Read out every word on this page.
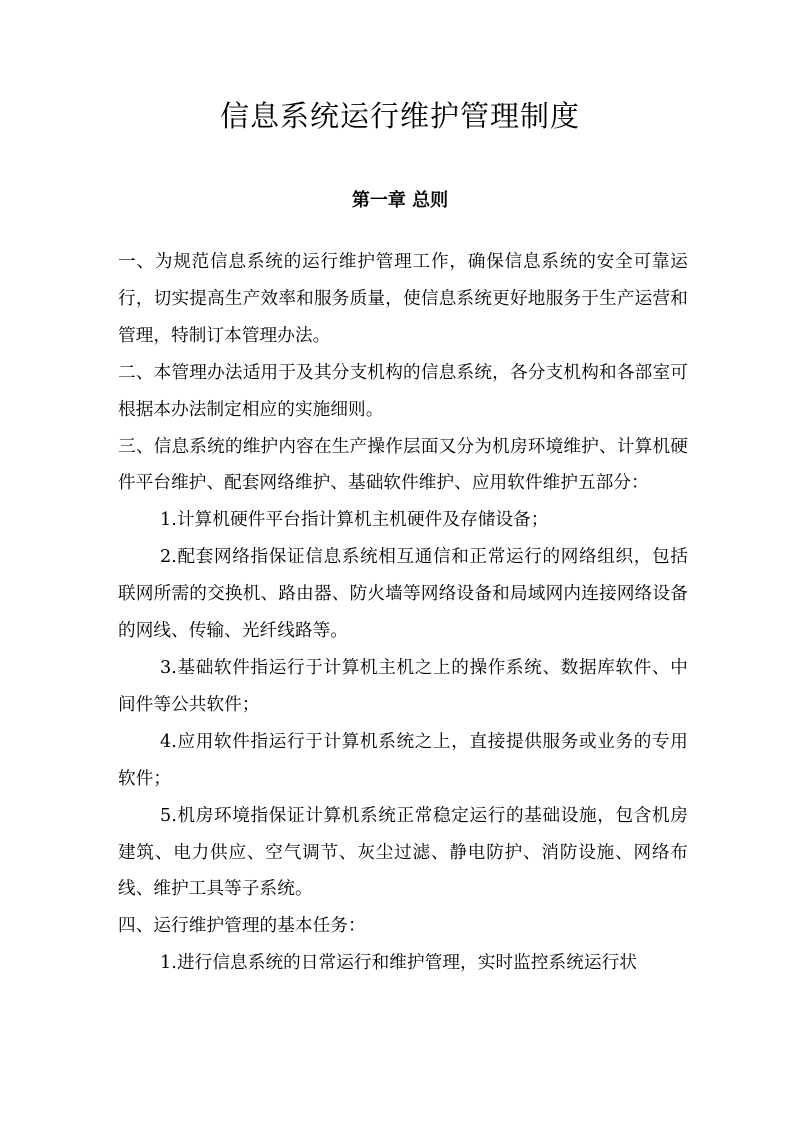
信息系统运行维护管理制度
第一章 总则

一、为规范信息系统的运行维护管理工作，确保信息系统的安全可靠运行，切实提高生产效率和服务质量，使信息系统更好地服务于生产运营和管理，特制订本管理办法。

二、本管理办法适用于及其分支机构的信息系统，各分支机构和各部室可根据本办法制定相应的实施细则。

三、信息系统的维护内容在生产操作层面又分为机房环境维护、计算机硬件平台维护、配套网络维护、基础软件维护、应用软件维护五部分：

1.计算机硬件平台指计算机主机硬件及存储设备；

2.配套网络指保证信息系统相互通信和正常运行的网络组织，包括联网所需的交换机、路由器、防火墙等网络设备和局域网内连接网络设备的网线、传输、光纤线路等。

3.基础软件指运行于计算机主机之上的操作系统、数据库软件、中间件等公共软件；

4.应用软件指运行于计算机系统之上，直接提供服务或业务的专用软件；

5.机房环境指保证计算机系统正常稳定运行的基础设施，包含机房建筑、电力供应、空气调节、灰尘过滤、静电防护、消防设施、网络布线、维护工具等子系统。

四、运行维护管理的基本任务：

1.进行信息系统的日常运行和维护管理，实时监控系统运行状
